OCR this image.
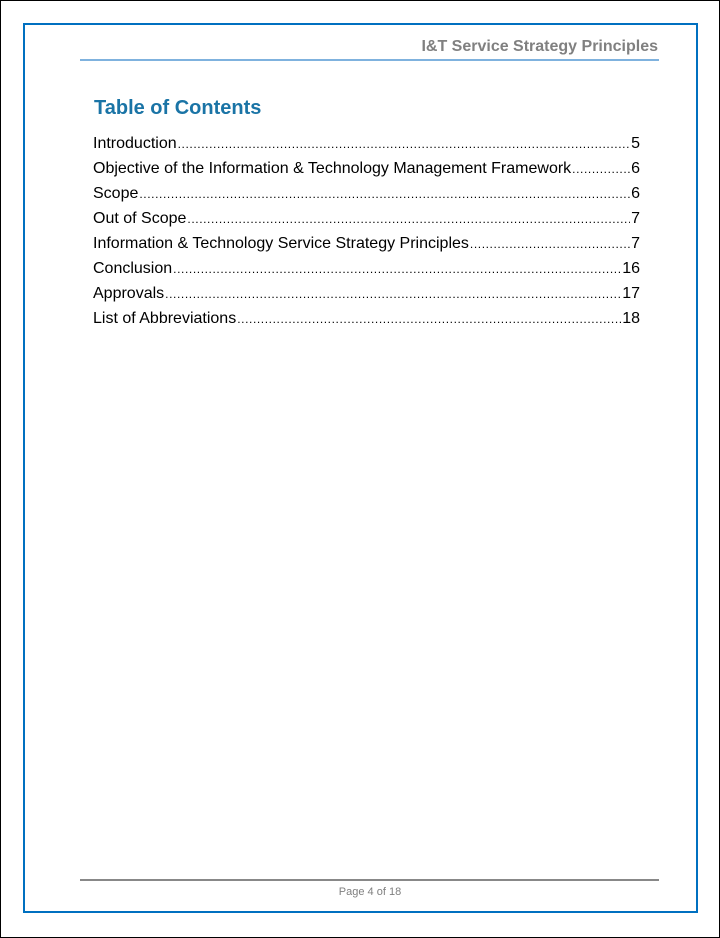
I&T Service Strategy Principles
Table of Contents
Introduction .....	5
Objective of the Information & Technology Management Framework .....	6
Scope .....	6
Out of Scope .....	7
Information & Technology Service Strategy Principles .....	7
Conclusion .....	16
Approvals .....	17
List of Abbreviations .....	18
Page 4 of 18
